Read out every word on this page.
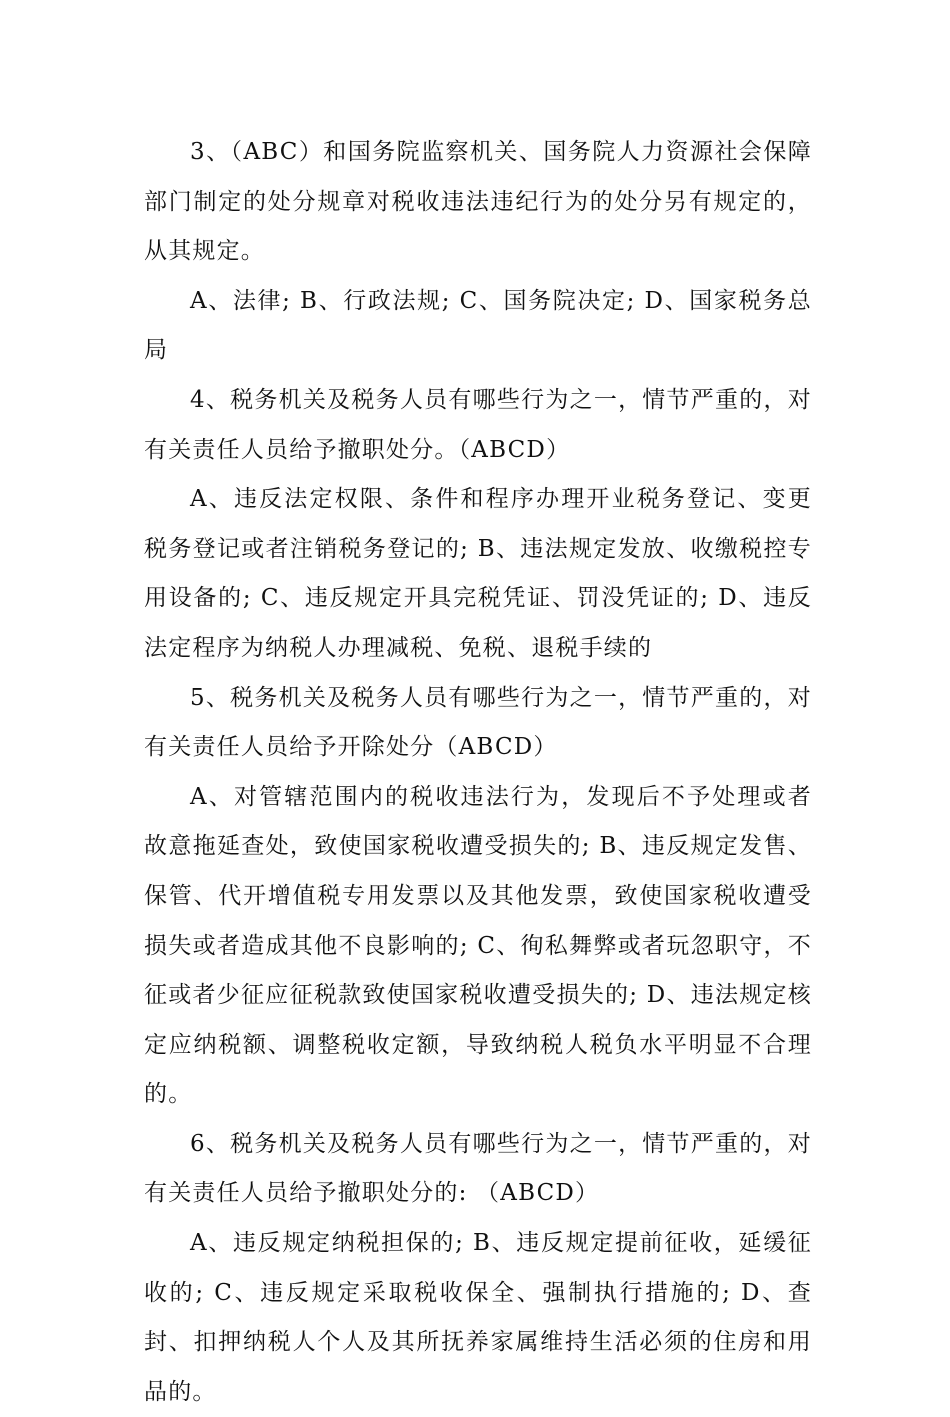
3、（ABC）和国务院监察机关、国务院人力资源社会保障部门制定的处分规章对税收违法违纪行为的处分另有规定的，从其规定。

A、法律; B、行政法规; C、国务院决定; D、国家税务总局

4、税务机关及税务人员有哪些行为之一，情节严重的，对有关责任人员给予撤职处分。（ABCD）

A、违反法定权限、条件和程序办理开业税务登记、变更税务登记或者注销税务登记的; B、违法规定发放、收缴税控专用设备的; C、违反规定开具完税凭证、罚没凭证的; D、违反法定程序为纳税人办理减税、免税、退税手续的

5、税务机关及税务人员有哪些行为之一，情节严重的，对有关责任人员给予开除处分（ABCD）

A、对管辖范围内的税收违法行为，发现后不予处理或者故意拖延查处，致使国家税收遭受损失的; B、违反规定发售、保管、代开增值税专用发票以及其他发票，致使国家税收遭受损失或者造成其他不良影响的; C、徇私舞弊或者玩忽职守，不征或者少征应征税款致使国家税收遭受损失的; D、违法规定核定应纳税额、调整税收定额，导致纳税人税负水平明显不合理的。

6、税务机关及税务人员有哪些行为之一，情节严重的，对有关责任人员给予撤职处分的: （ABCD）

A、违反规定纳税担保的; B、违反规定提前征收，延缓征收的; C、违反规定采取税收保全、强制执行措施的; D、查封、扣押纳税人个人及其所抚养家属维持生活必须的住房和用品的。
